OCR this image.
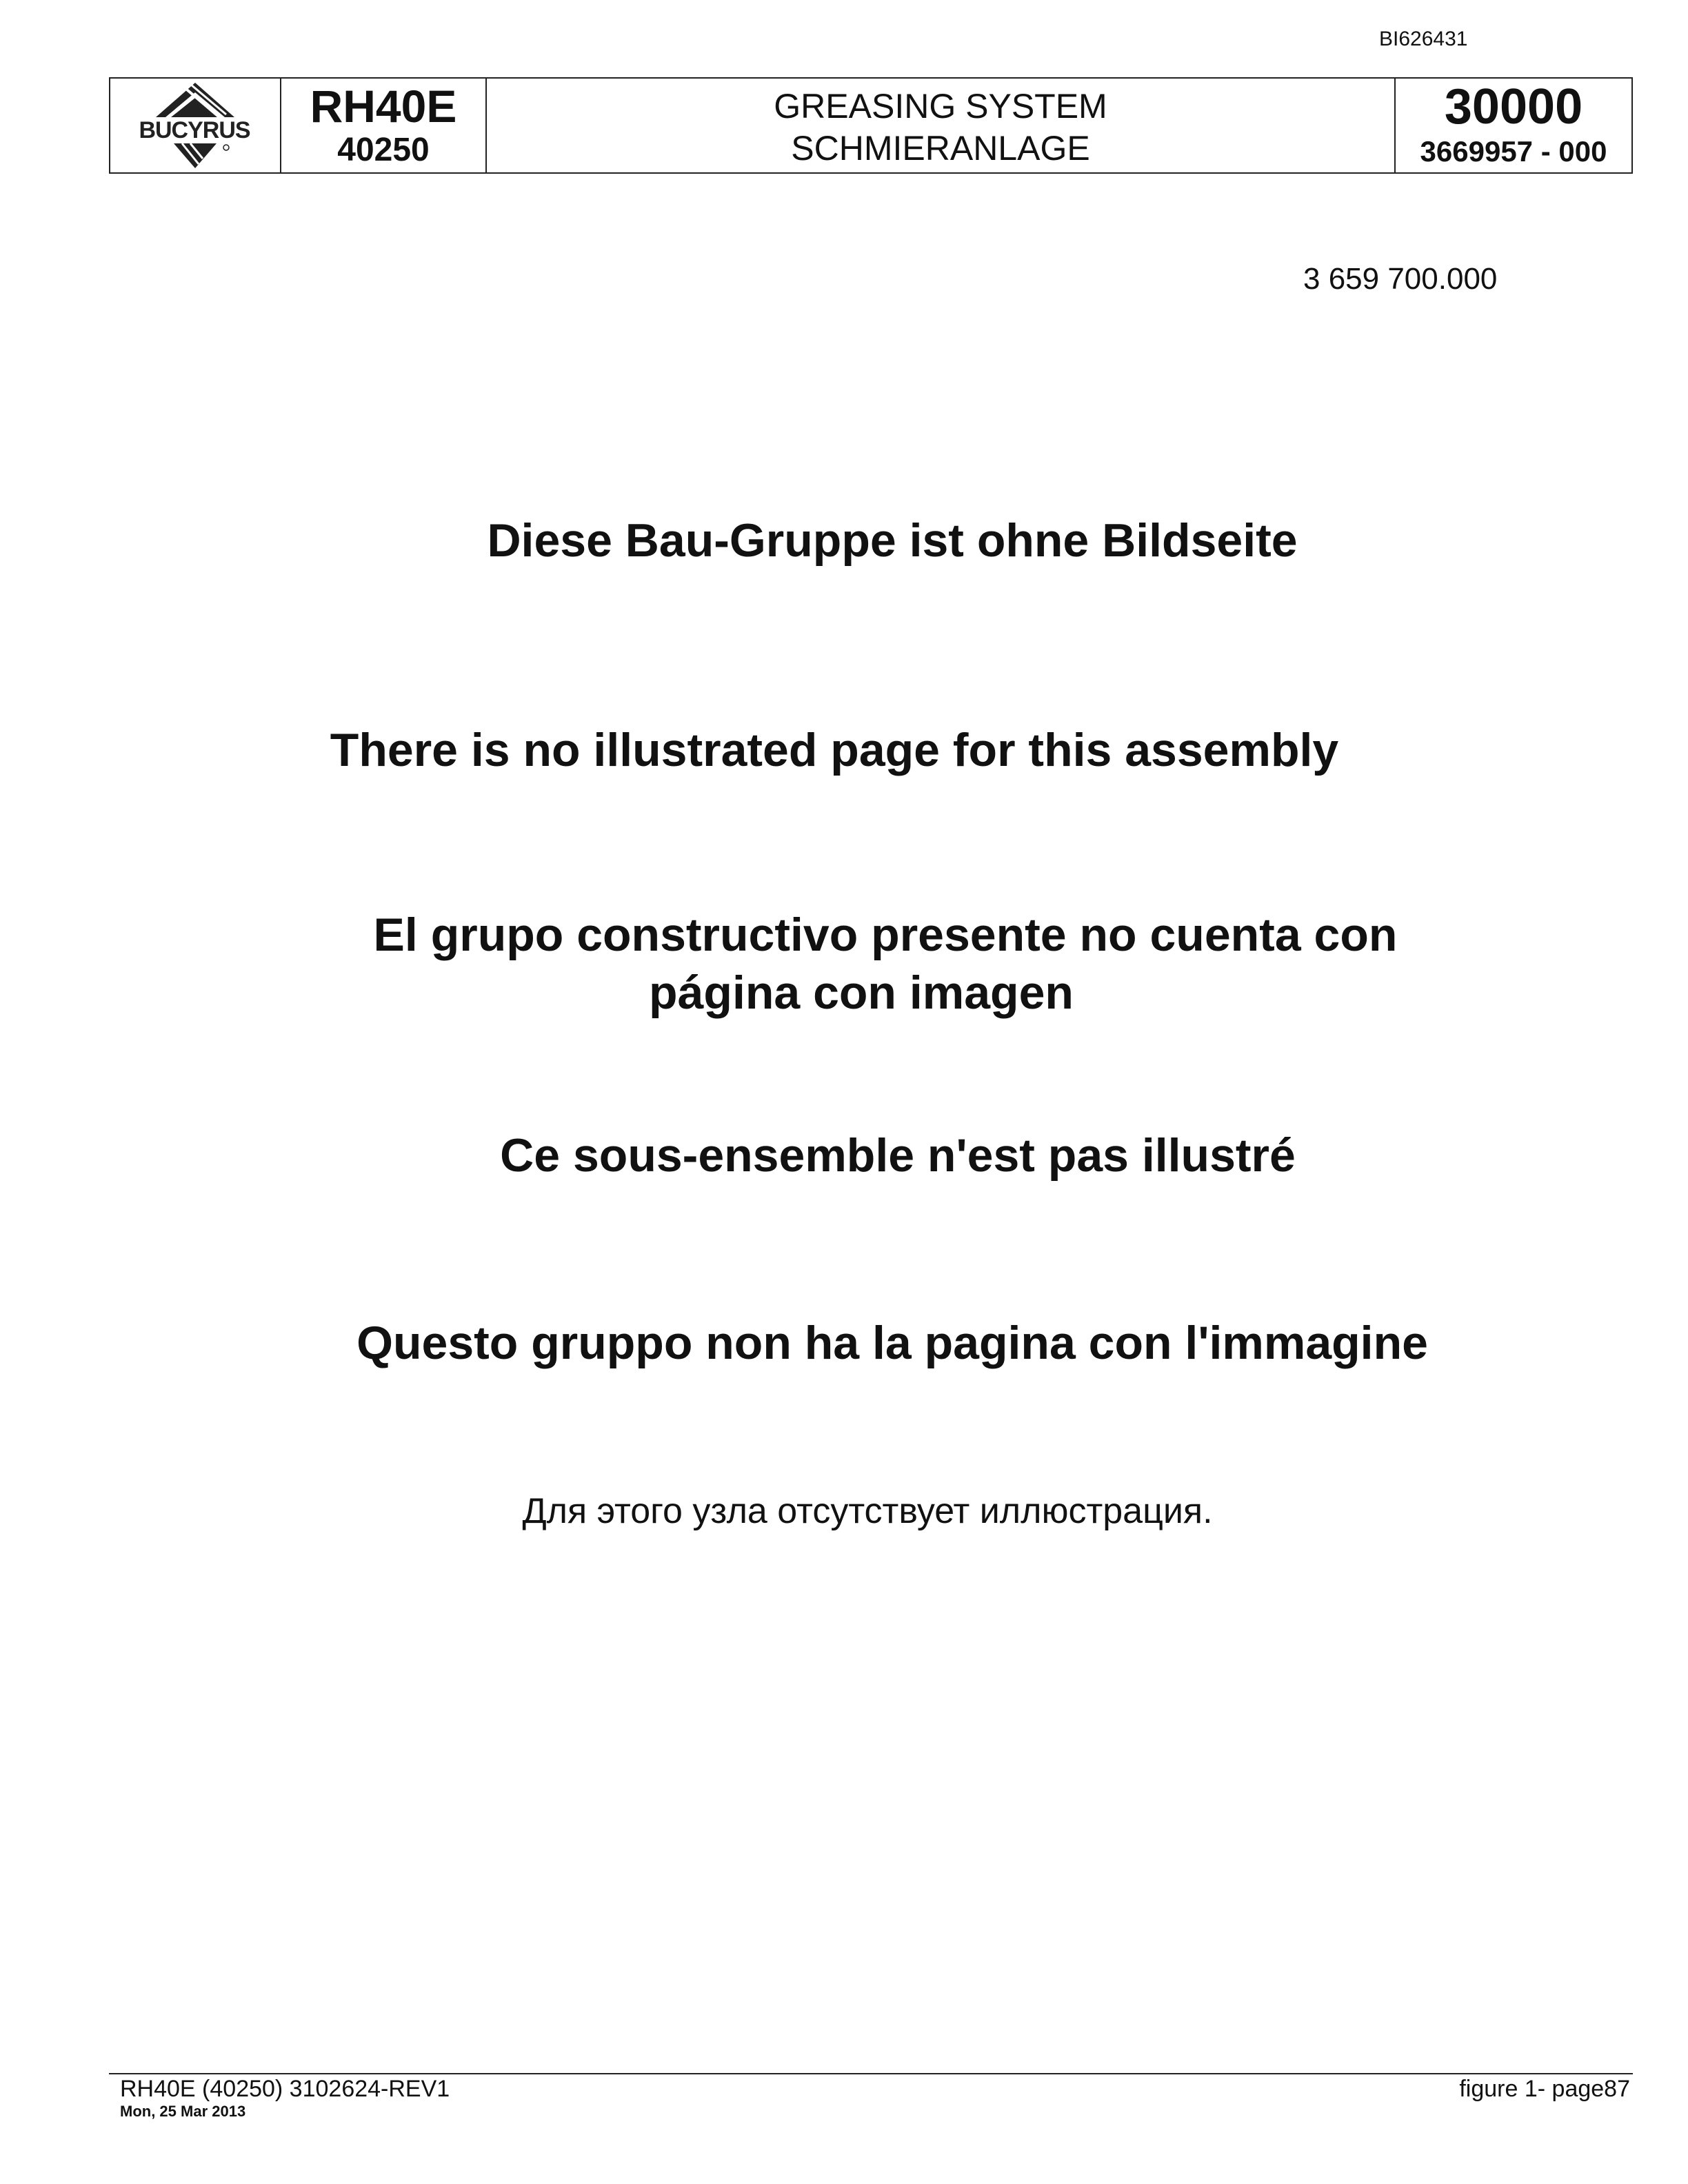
BI626431
BUCYRUS	RH40E
40250
GREASING SYSTEM
SCHMIERANLAGE
30000
3669957 - 000
3 659 700.000
Diese Bau-Gruppe ist ohne Bildseite
There is no illustrated page for this assembly
El grupo constructivo presente no cuenta con
página con imagen
Ce sous-ensemble n'est pas illustré
Questo gruppo non ha la pagina con l'immagine
Для этого узла отсутствует иллюстрация.
RH40E (40250) 3102624-REV1
Mon, 25 Mar 2013
figure 1- page87
